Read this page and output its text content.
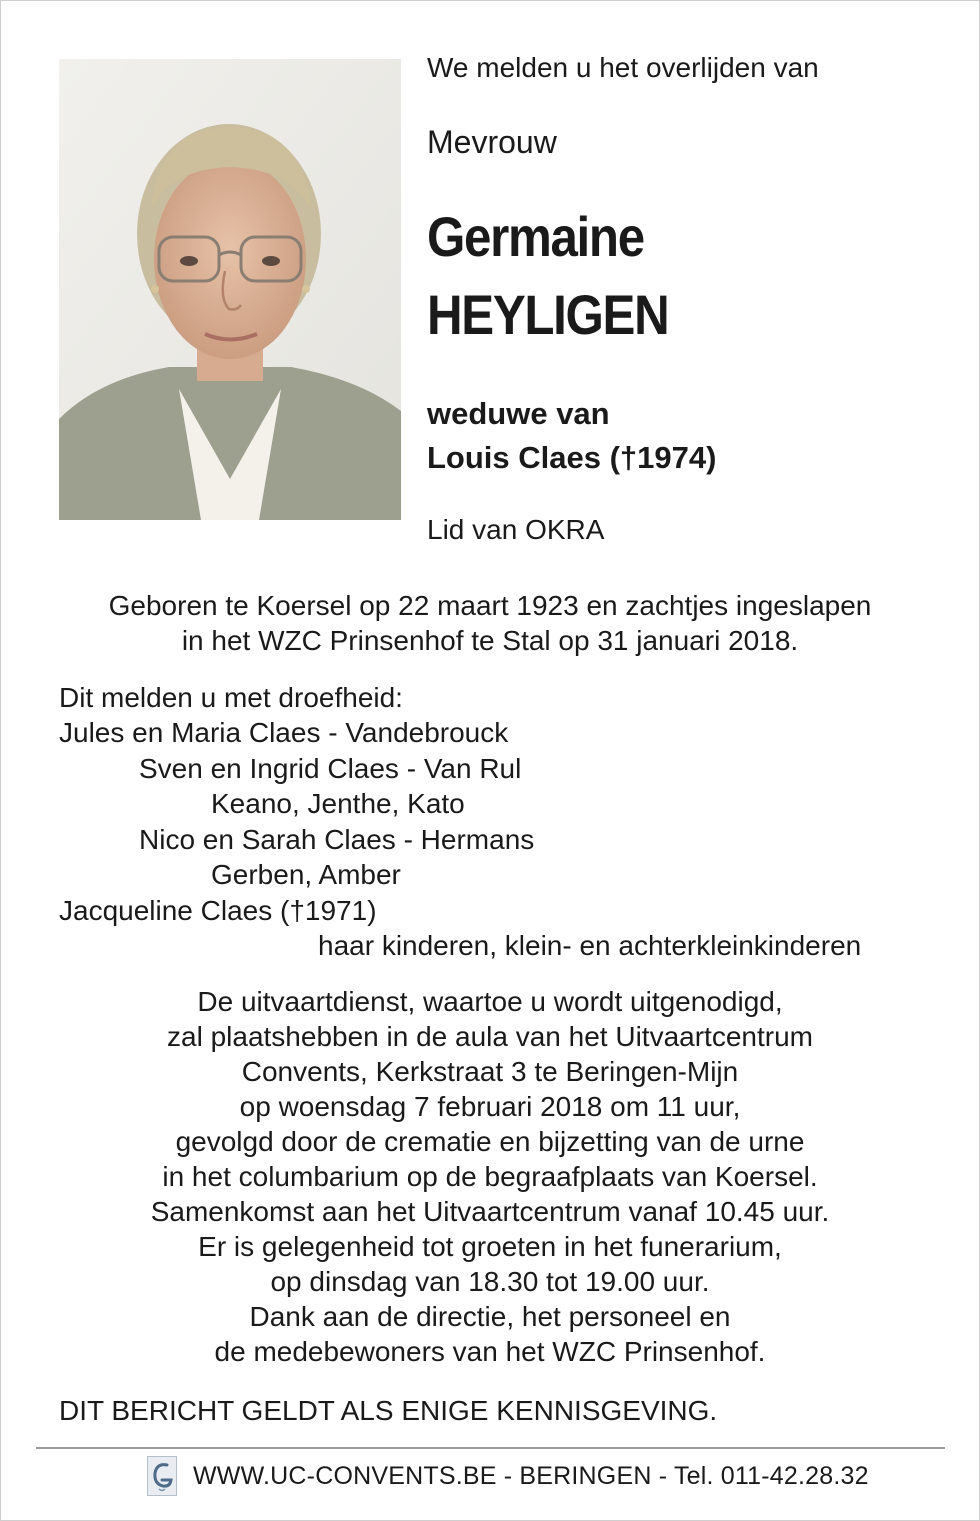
We melden u het overlijden van
Mevrouw
Germaine
HEYLIGEN
weduwe van
Louis Claes (†1974)
Lid van OKRA
Geboren te Koersel op 22 maart 1923 en zachtjes ingeslapen
in het WZC Prinsenhof te Stal op 31 januari 2018.
Dit melden u met droefheid:
Jules en Maria Claes - Vandebrouck
Sven en Ingrid Claes - Van Rul
Keano, Jenthe, Kato
Nico en Sarah Claes - Hermans
Gerben, Amber
Jacqueline Claes (†1971)
haar kinderen, klein- en achterkleinkinderen
De uitvaartdienst, waartoe u wordt uitgenodigd,
zal plaatshebben in de aula van het Uitvaartcentrum
Convents, Kerkstraat 3 te Beringen-Mijn
op woensdag 7 februari 2018 om 11 uur,
gevolgd door de crematie en bijzetting van de urne
in het columbarium op de begraafplaats van Koersel.
Samenkomst aan het Uitvaartcentrum vanaf 10.45 uur.
Er is gelegenheid tot groeten in het funerarium,
op dinsdag van 18.30 tot 19.00 uur.
Dank aan de directie, het personeel en
de medebewoners van het WZC Prinsenhof.
DIT BERICHT GELDT ALS ENIGE KENNISGEVING.
WWW.UC-CONVENTS.BE - BERINGEN - Tel. 011-42.28.32
